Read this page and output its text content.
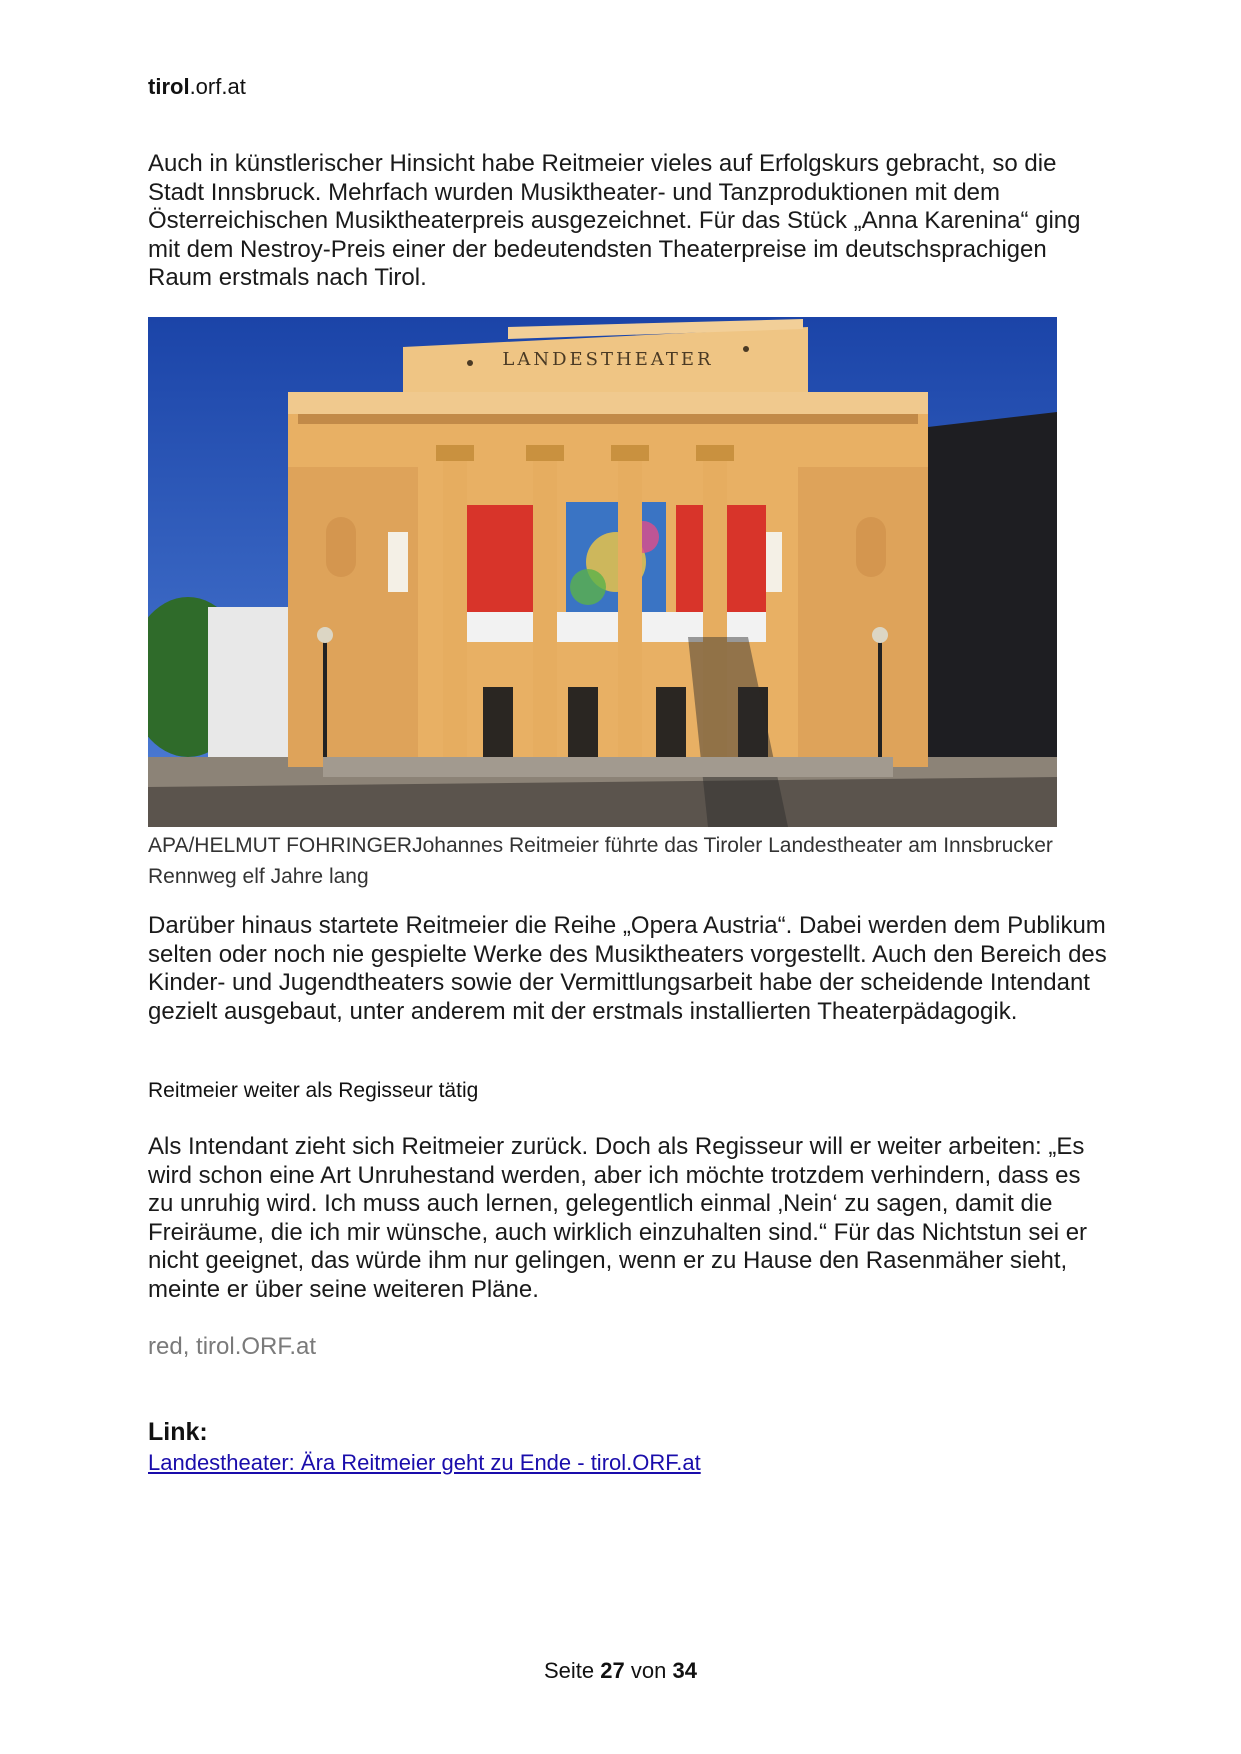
tirol.orf.at

Auch in künstlerischer Hinsicht habe Reitmeier vieles auf Erfolgskurs gebracht, so die Stadt Innsbruck. Mehrfach wurden Musiktheater- und Tanzproduktionen mit dem Österreichischen Musiktheaterpreis ausgezeichnet. Für das Stück „Anna Karenina“ ging mit dem Nestroy-Preis einer der bedeutendsten Theaterpreise im deutschsprachigen Raum erstmals nach Tirol.

LANDESTHEATER

APA/HELMUT FOHRINGERJohannes Reitmeier führte das Tiroler Landestheater am Innsbrucker Rennweg elf Jahre lang

Darüber hinaus startete Reitmeier die Reihe „Opera Austria“. Dabei werden dem Publikum selten oder noch nie gespielte Werke des Musiktheaters vorgestellt. Auch den Bereich des Kinder- und Jugendtheaters sowie der Vermittlungsarbeit habe der scheidende Intendant gezielt ausgebaut, unter anderem mit der erstmals installierten Theaterpädagogik.

Reitmeier weiter als Regisseur tätig

Als Intendant zieht sich Reitmeier zurück. Doch als Regisseur will er weiter arbeiten: „Es wird schon eine Art Unruhestand werden, aber ich möchte trotzdem verhindern, dass es zu unruhig wird. Ich muss auch lernen, gelegentlich einmal ‚Nein‘ zu sagen, damit die Freiräume, die ich mir wünsche, auch wirklich einzuhalten sind.“ Für das Nichtstun sei er nicht geeignet, das würde ihm nur gelingen, wenn er zu Hause den Rasenmäher sieht, meinte er über seine weiteren Pläne.

red, tirol.ORF.at

Link:

Landestheater: Ära Reitmeier geht zu Ende - tirol.ORF.at
Seite 27 von 34
